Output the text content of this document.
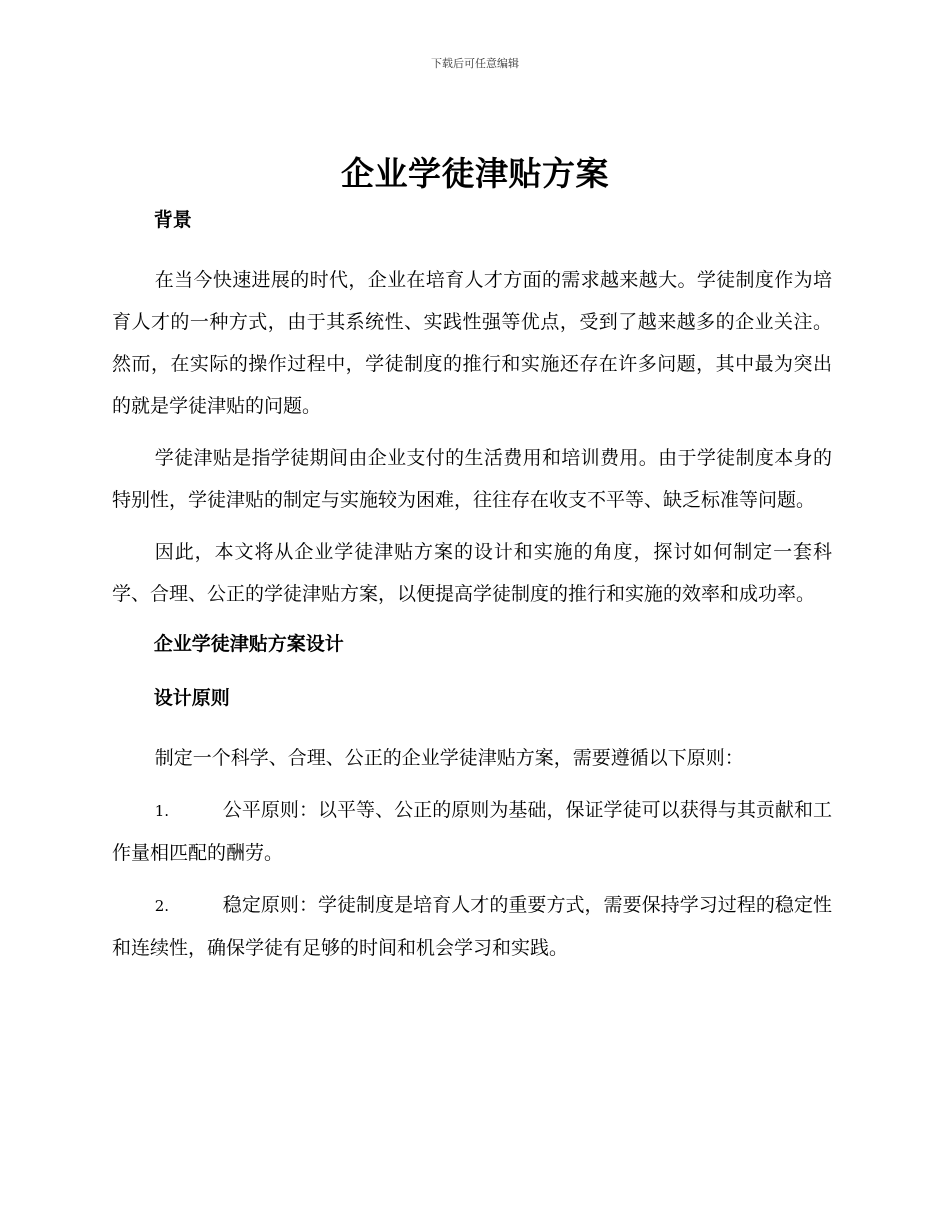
下载后可任意编辑
企业学徒津贴方案
背景

在当今快速进展的时代，企业在培育人才方面的需求越来越大。学徒制度作为培育人才的一种方式，由于其系统性、实践性强等优点，受到了越来越多的企业关注。然而，在实际的操作过程中，学徒制度的推行和实施还存在许多问题，其中最为突出的就是学徒津贴的问题。

学徒津贴是指学徒期间由企业支付的生活费用和培训费用。由于学徒制度本身的特别性，学徒津贴的制定与实施较为困难，往往存在收支不平等、缺乏标准等问题。

因此，本文将从企业学徒津贴方案的设计和实施的角度，探讨如何制定一套科学、合理、公正的学徒津贴方案，以便提高学徒制度的推行和实施的效率和成功率。

企业学徒津贴方案设计
设计原则

制定一个科学、合理、公正的企业学徒津贴方案，需要遵循以下原则：

1.	公平原则：以平等、公正的原则为基础，保证学徒可以获得与其贡献和工作量相匹配的酬劳。

2.	稳定原则：学徒制度是培育人才的重要方式，需要保持学习过程的稳定性和连续性，确保学徒有足够的时间和机会学习和实践。
